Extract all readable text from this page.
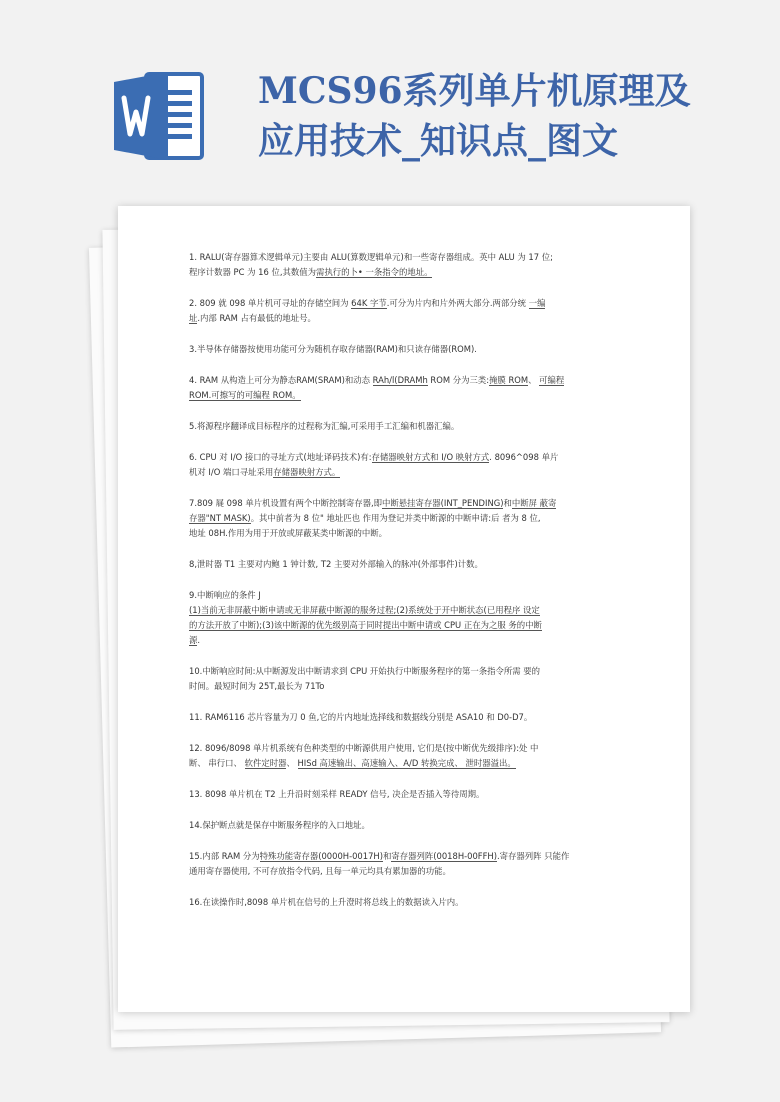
MCS96系列单片机原理及
应用技术_知识点_图文
1. RALU(寄存器算术逻辑单元)主要由 ALU(算数逻辑单元)和一些寄存器组成。英中 ALU 为 17 位;
程序计数器 PC 为 16 位,其数值为需执行的卜• 一条指令的地址。
2. 809 就 098 单片机可寻址的存储空间为 64K 字节.可分为片内和片外两大部分.两部分统 一编
址.内部 RAM 占有最低的地址号。
3.半导体存储器按使用功能可分为随机存取存储器(RAM)和只读存储器(ROM).
4. RAM 从构造上可分为静态RAM(SRAM)和动态 RAh/l(DRAMh ROM 分为三类:掩膜 ROM、 可编程
ROM.可擦写的可编程 ROM。
5.将源程序翻译成目标程序的过程称为汇编,可采用手工汇编和机器汇编。
6. CPU 对 I/O 接口的寻址方式(地址译码技术)有:存储器映射方式和 I/O 映射方式. 8096^098 单片
机对 I/O 端口寻址采用存储器映射方式。
7.809 屣 098 单片机设置有两个中断控制寄存器,即中断悬挂寄存器(INT_PENDING)和中断屏 蔽寄
存器"NT MASK)。其中前者为 8 位" 地址匹也 作用为登记并类中断源的中断申请:后 者为 8 位,
地址 08H.作用为用于开放或屏蔽某类中断源的中断。
8,泄时器 T1 主要对内鲍 1 钟计数, T2 主要对外部输入的脉冲(外部事件)计数。
9.中断响应的条件 J
(1)当前无非屏蔽中断申请或无非屏蔽中断源的服务过程;(2)系统处于开中断状态(已用程序 设定
的方法开放了中断);(3)该中断源的优先级别高于同时提出中断申请或 CPU 正在为之服 务的中断
源.
10.中断响应时间:从中断源发出中断请求到 CPU 开始执行中断服务程序的第一条指令所需 要的
时间。最短时间为 25T,最长为 71To
11. RAM6116 芯片容量为刀 0 鱼,它的片内地址选择线和数据线分别是 ASA10 和 D0-D7。
12. 8096/8098 单片机系统有色种类型的中断源供用户使用, 它们是(按中断优先级排序):处 中
断、 串行口、 软件定时器、 HISd 高速输出、高速输入、A/D 转换完成、 泄时器溢出。
13. 8098 单片机在 T2 上升沿时刻采样 READY 信号, 决企是否插入等待周期。
14.保护断点就是保存中断服务程序的入口地址。
15.内部 RAM 分为特殊功能寄存器(0000H-0017H)和寄存器列阵(0018H-00FFH).寄存器列阵 只能作
通用寄存器使用, 不可存放指令代码, 且每一单元均具有累加器的功能。
16.在读操作时,8098 单片机在信号的上升澄时将总线上的数据读入片内。
